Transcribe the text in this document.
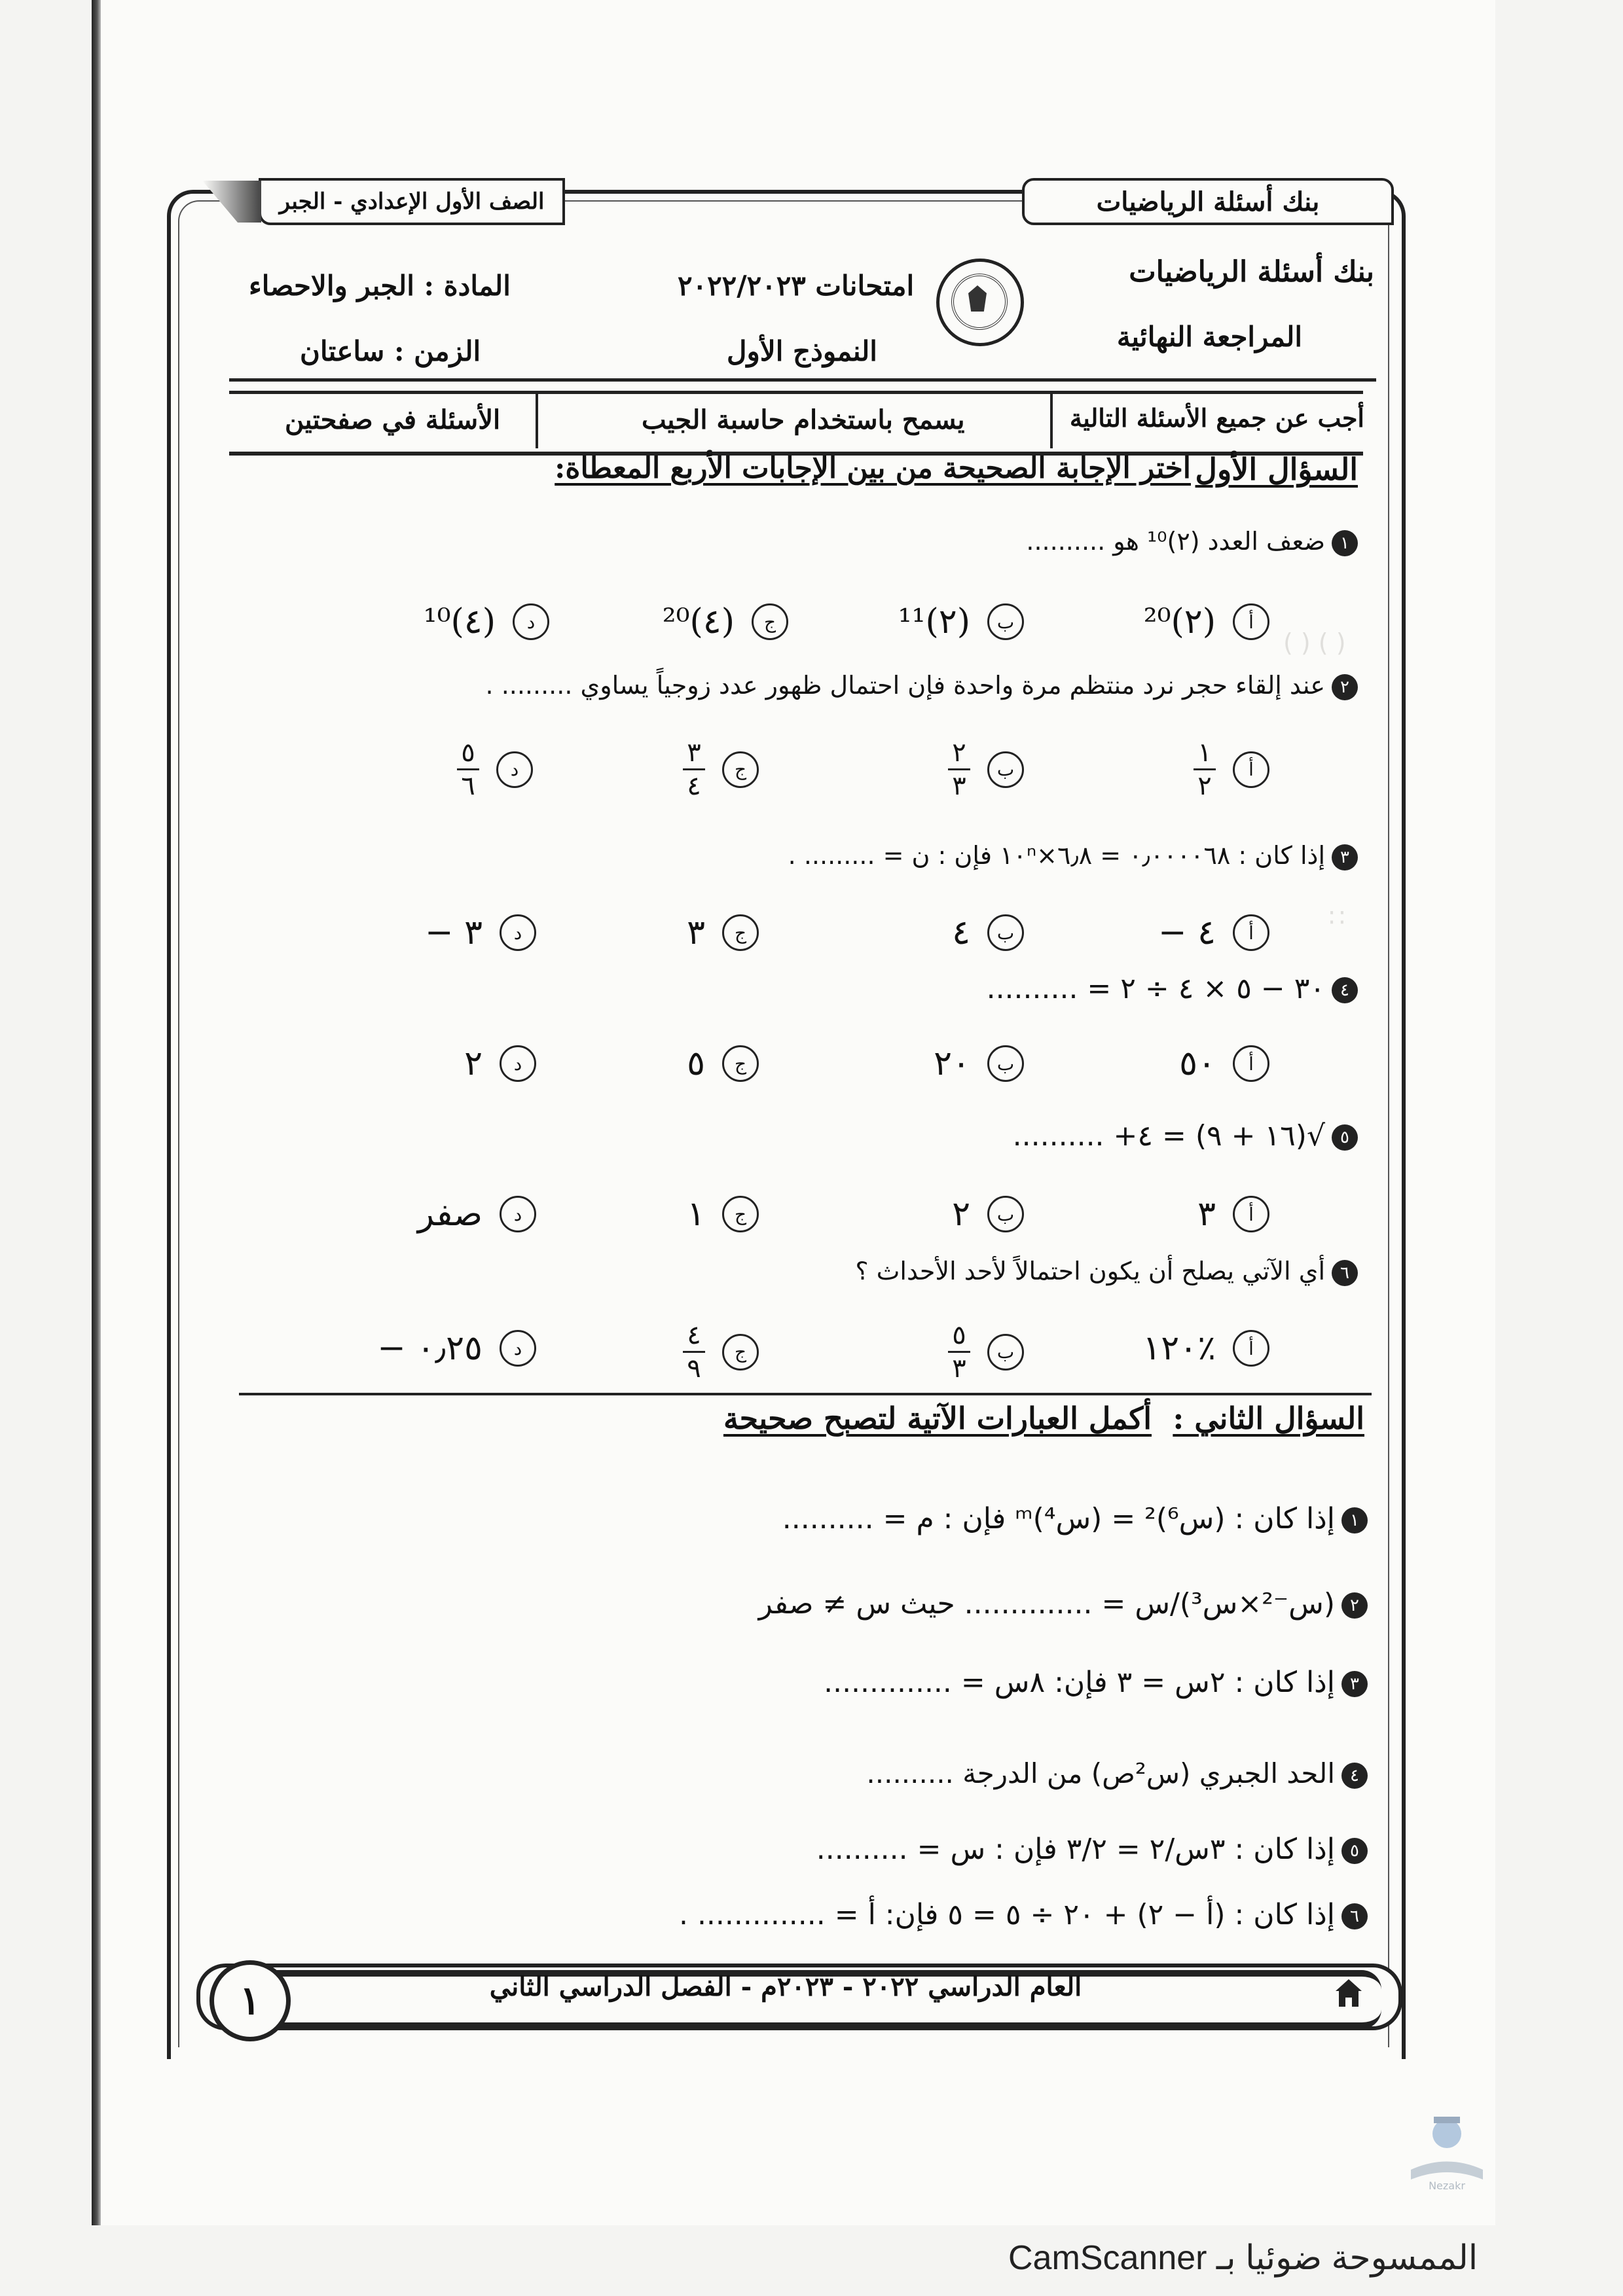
( ) ( )
∷
بنك أسئلة الرياضيات
الصف الأول الإعدادي - الجبر
بنك أسئلة الرياضيات
المراجعة النهائية
امتحانات ٢٠٢٢/٢٠٢٣
النموذج الأول
المادة : الجبر والاحصاء
الزمن : ساعتان
أجب عن جميع الأسئلة التالية
يسمح باستخدام حاسبة الجيب
الأسئلة في صفحتين
السؤال الأول
اختر الإجابة الصحيحة من بين الإجابات الأربع المعطاة:
١ضعف العدد (٢)¹⁰ هو ..........
أ
(٢)²⁰
ب
(٢)¹¹
ج
(٤)²⁰
د
(٤)¹⁰
٢عند إلقاء حجر نرد منتظم مرة واحدة فإن احتمال ظهور عدد زوجياً يساوي ......... .
أ
$\frac{١}{٢}$
ب
$\frac{٢}{٣}$
ج
$\frac{٣}{٤}$
د
$\frac{٥}{٦}$
٣إذا كان : ٠٫٠٠٠٠٦٨ = ٦٫٨×١٠ⁿ فإن : ن = ......... .
أ
٤ −
ب
٤
ج
٣
د
٣ −
٤٣٠ − ٥ × ٤ ÷ ٢ = ..........
أ
٥٠
ب
٢٠
ج
٥
د
٢
٥√(١٦ + ٩) = ٤+ ..........
أ
٣
ب
٢
ج
١
د
صفر
٦أي الآتي يصلح أن يكون احتمالاً لأحد الأحداث ؟
أ
٪١٢٠
ب
$\frac{٥}{٣}$
ج
$\frac{٤}{٩}$
د
٠٫٢٥ −
السؤال الثاني :
أكمل العبارات الآتية لتصبح صحيحة
١إذا كان : (س⁶)² = (س⁴)ᵐ فإن : م = ..........
٢(س⁻²×س³)/س = .............. حيث س ≠ صفر
٣إذا كان : ٢س = ٣ فإن: ٨س = ..............
٤الحد الجبري (س²ص) من الدرجة ..........
٥إذا كان : ٣س/٢ = ٣/٢ فإن : س = ..........
٦إذا كان : (أ − ٢) + ٢٠ ÷ ٥ = ٥ فإن: أ = .............. .
العام الدراسي ٢٠٢٢ - ٢٠٢٣م - الفصل الدراسي الثاني
١
Nezakr
الممسوحة ضوئيا بـ CamScanner
